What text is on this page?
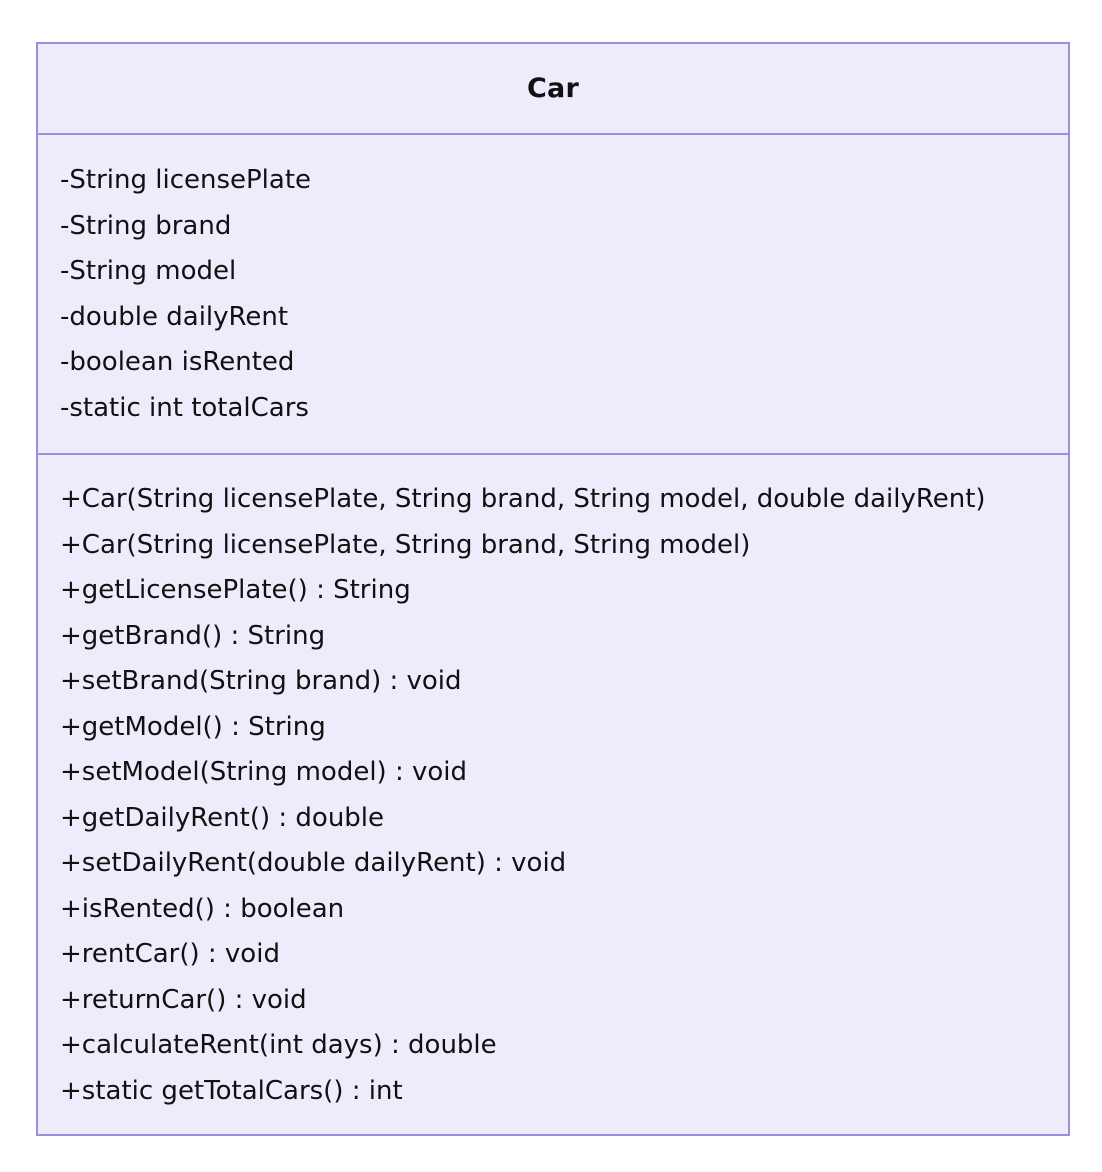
Car
-String licensePlate
-String brand
-String model
-double dailyRent
-boolean isRented
-static int totalCars
+Car(String licensePlate, String brand, String model, double dailyRent)
+Car(String licensePlate, String brand, String model)
+getLicensePlate() : String
+getBrand() : String
+setBrand(String brand) : void
+getModel() : String
+setModel(String model) : void
+getDailyRent() : double
+setDailyRent(double dailyRent) : void
+isRented() : boolean
+rentCar() : void
+returnCar() : void
+calculateRent(int days) : double
+static getTotalCars() : int
